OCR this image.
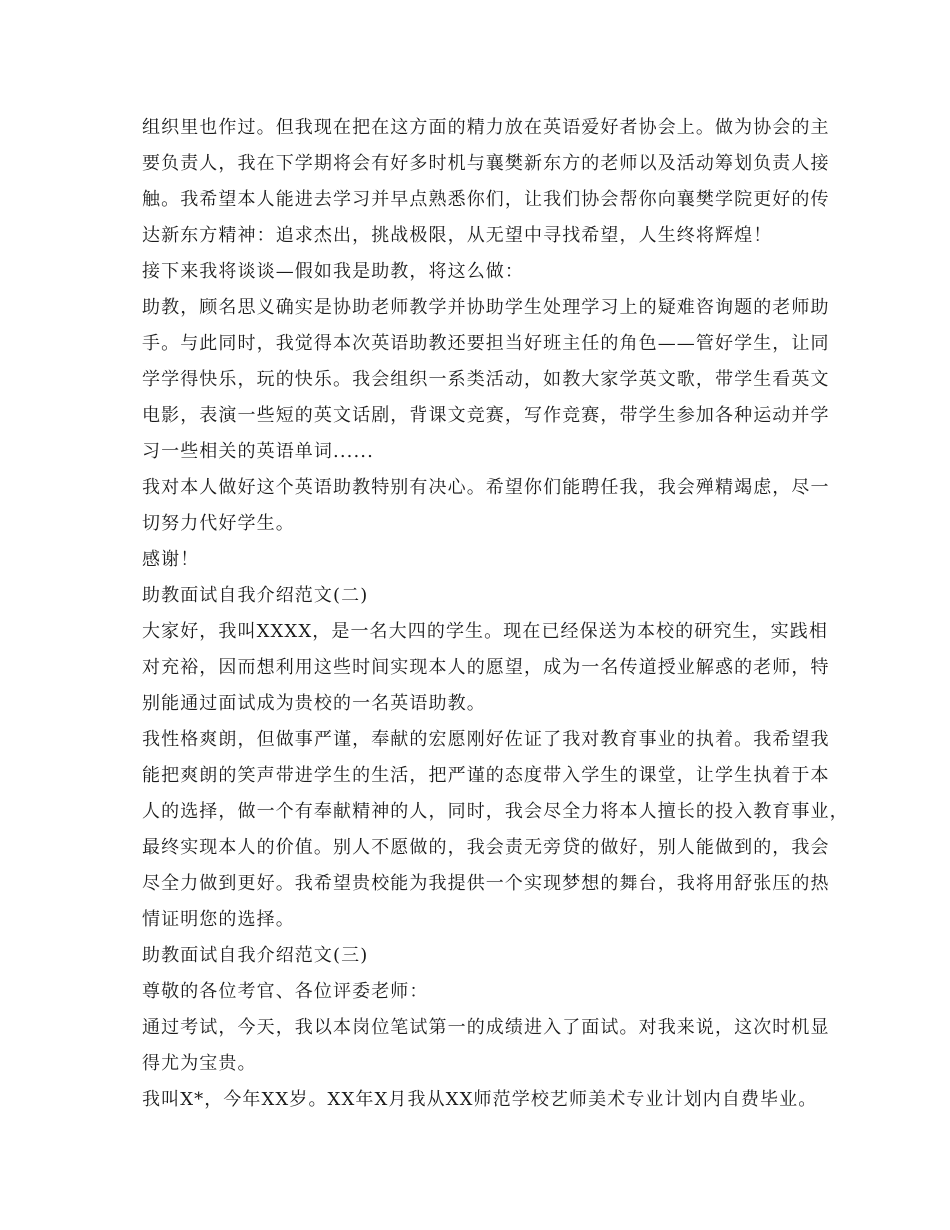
组织里也作过。但我现在把在这方面的精力放在英语爱好者协会上。做为协会的主
要负责人，我在下学期将会有好多时机与襄樊新东方的老师以及活动筹划负责人接
触。我希望本人能进去学习并早点熟悉你们，让我们协会帮你向襄樊学院更好的传
达新东方精神：追求杰出，挑战极限，从无望中寻找希望，人生终将辉煌！
接下来我将谈谈—假如我是助教，将这么做：
助教，顾名思义确实是协助老师教学并协助学生处理学习上的疑难咨询题的老师助
手。与此同时，我觉得本次英语助教还要担当好班主任的角色——管好学生，让同
学学得快乐，玩的快乐。我会组织一系类活动，如教大家学英文歌，带学生看英文
电影，表演一些短的英文话剧，背课文竞赛，写作竞赛，带学生参加各种运动并学
习一些相关的英语单词......
我对本人做好这个英语助教特别有决心。希望你们能聘任我，我会殚精竭虑，尽一
切努力代好学生。
感谢！
助教面试自我介绍范文(二)
大家好，我叫XXXX，是一名大四的学生。现在已经保送为本校的研究生，实践相
对充裕，因而想利用这些时间实现本人的愿望，成为一名传道授业解惑的老师，特
别能通过面试成为贵校的一名英语助教。
我性格爽朗，但做事严谨，奉献的宏愿刚好佐证了我对教育事业的执着。我希望我
能把爽朗的笑声带进学生的生活，把严谨的态度带入学生的课堂，让学生执着于本
人的选择，做一个有奉献精神的人，同时，我会尽全力将本人擅长的投入教育事业，
最终实现本人的价值。别人不愿做的，我会责无旁贷的做好，别人能做到的，我会
尽全力做到更好。我希望贵校能为我提供一个实现梦想的舞台，我将用舒张压的热
情证明您的选择。
助教面试自我介绍范文(三)
尊敬的各位考官、各位评委老师：
通过考试，今天，我以本岗位笔试第一的成绩进入了面试。对我来说，这次时机显
得尤为宝贵。
我叫X*，今年XX岁。XX年X月我从XX师范学校艺师美术专业计划内自费毕业。
